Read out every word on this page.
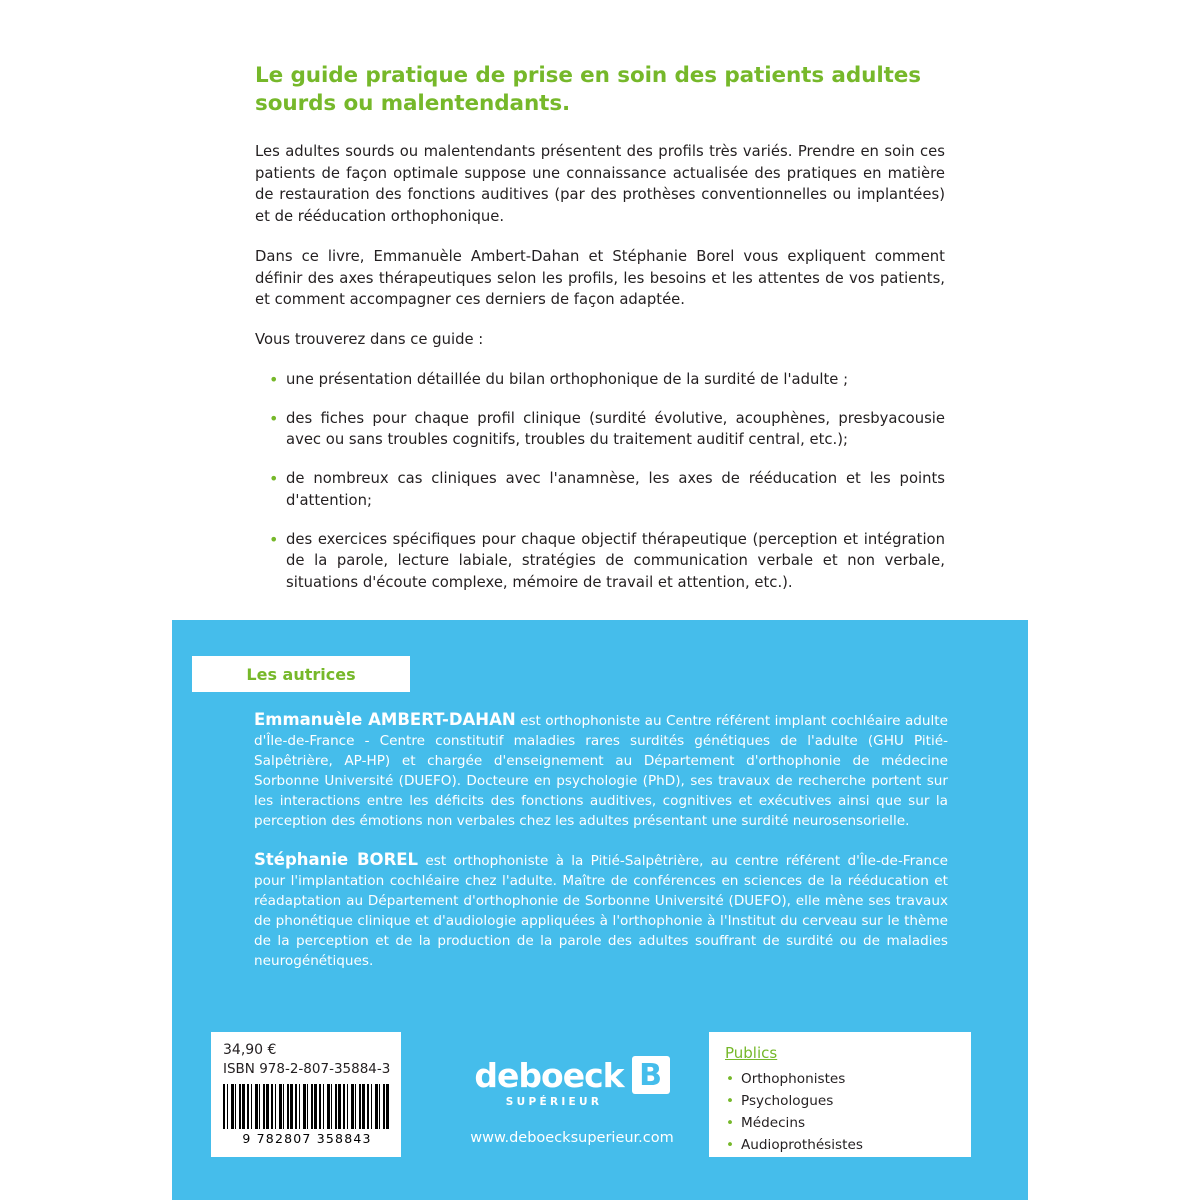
Le guide pratique de prise en soin des patients adultes sourds ou malentendants.

Les adultes sourds ou malentendants présentent des profils très variés. Prendre en soin ces patients de façon optimale suppose une connaissance actualisée des pratiques en matière de restauration des fonctions auditives (par des prothèses conventionnelles ou implantées) et de rééducation orthophonique.

Dans ce livre, Emmanuèle Ambert-Dahan et Stéphanie Borel vous expliquent comment définir des axes thérapeutiques selon les profils, les besoins et les attentes de vos patients, et comment accompagner ces derniers de façon adaptée.

Vous trouverez dans ce guide :

• une présentation détaillée du bilan orthophonique de la surdité de l'adulte ;
• des fiches pour chaque profil clinique (surdité évolutive, acouphènes, presbyacousie avec ou sans troubles cognitifs, troubles du traitement auditif central, etc.);
• de nombreux cas cliniques avec l'anamnèse, les axes de rééducation et les points d'attention;
• des exercices spécifiques pour chaque objectif thérapeutique (perception et intégration de la parole, lecture labiale, stratégies de communication verbale et non verbale, situations d'écoute complexe, mémoire de travail et attention, etc.).
Les autrices
Emmanuèle AMBERT-DAHAN est orthophoniste au Centre référent implant cochléaire adulte d'Île-de-France - Centre constitutif maladies rares surdités génétiques de l'adulte (GHU Pitié-Salpêtrière, AP-HP) et chargée d'enseignement au Département d'orthophonie de médecine Sorbonne Université (DUEFO). Docteure en psychologie (PhD), ses travaux de recherche portent sur les interactions entre les déficits des fonctions auditives, cognitives et exécutives ainsi que sur la perception des émotions non verbales chez les adultes présentant une surdité neurosensorielle.
Stéphanie BOREL est orthophoniste à la Pitié-Salpêtrière, au centre référent d'Île-de-France pour l'implantation cochléaire chez l'adulte. Maître de conférences en sciences de la rééducation et réadaptation au Département d'orthophonie de Sorbonne Université (DUEFO), elle mène ses travaux de phonétique clinique et d'audiologie appliquées à l'orthophonie à l'Institut du cerveau sur le thème de la perception et de la production de la parole des adultes souffrant de surdité ou de maladies neurogénétiques.
34,90 €
ISBN 978-2-807-35884-3
9 782807 358843
deboeck B
SUPÉRIEUR
www.deboecksuperieur.com
Publics
• Orthophonistes
• Psychologues
• Médecins
• Audioprothésistes
